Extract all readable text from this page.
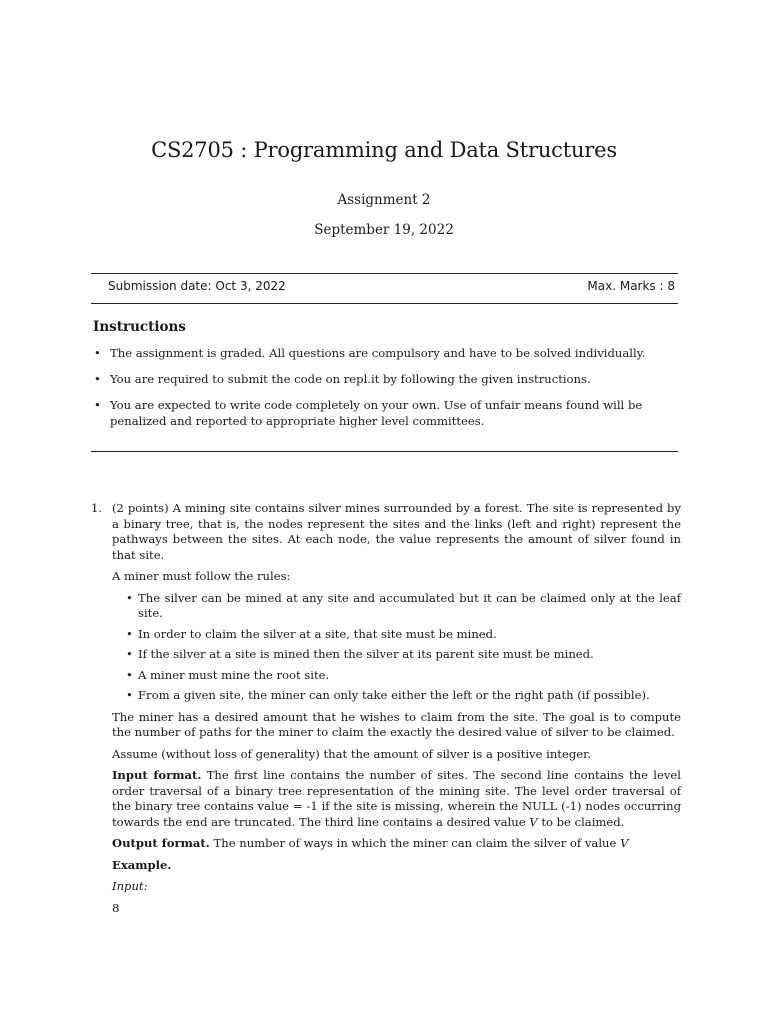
CS2705 : Programming and Data Structures
Assignment 2
September 19, 2022
Submission date: Oct 3, 2022	Max. Marks : 8
Instructions
• The assignment is graded. All questions are compulsory and have to be solved individually.
• You are required to submit the code on repl.it by following the given instructions.
• You are expected to write code completely on your own. Use of unfair means found will be penalized and reported to appropriate higher level committees.
1. (2 points) A mining site contains silver mines surrounded by a forest. The site is represented by a binary tree, that is, the nodes represent the sites and the links (left and right) represent the pathways between the sites. At each node, the value represents the amount of silver found in that site.

A miner must follow the rules:

• The silver can be mined at any site and accumulated but it can be claimed only at the leaf site.
• In order to claim the silver at a site, that site must be mined.
• If the silver at a site is mined then the silver at its parent site must be mined.
• A miner must mine the root site.
• From a given site, the miner can only take either the left or the right path (if possible).

The miner has a desired amount that he wishes to claim from the site. The goal is to compute the number of paths for the miner to claim the exactly the desired value of silver to be claimed.

Assume (without loss of generality) that the amount of silver is a positive integer.

Input format. The first line contains the number of sites. The second line contains the level order traversal of a binary tree representation of the mining site. The level order traversal of the binary tree contains value = -1 if the site is missing, wherein the NULL (-1) nodes occurring towards the end are truncated. The third line contains a desired value V to be claimed.

Output format. The number of ways in which the miner can claim the silver of value V

Example.

Input:

8
